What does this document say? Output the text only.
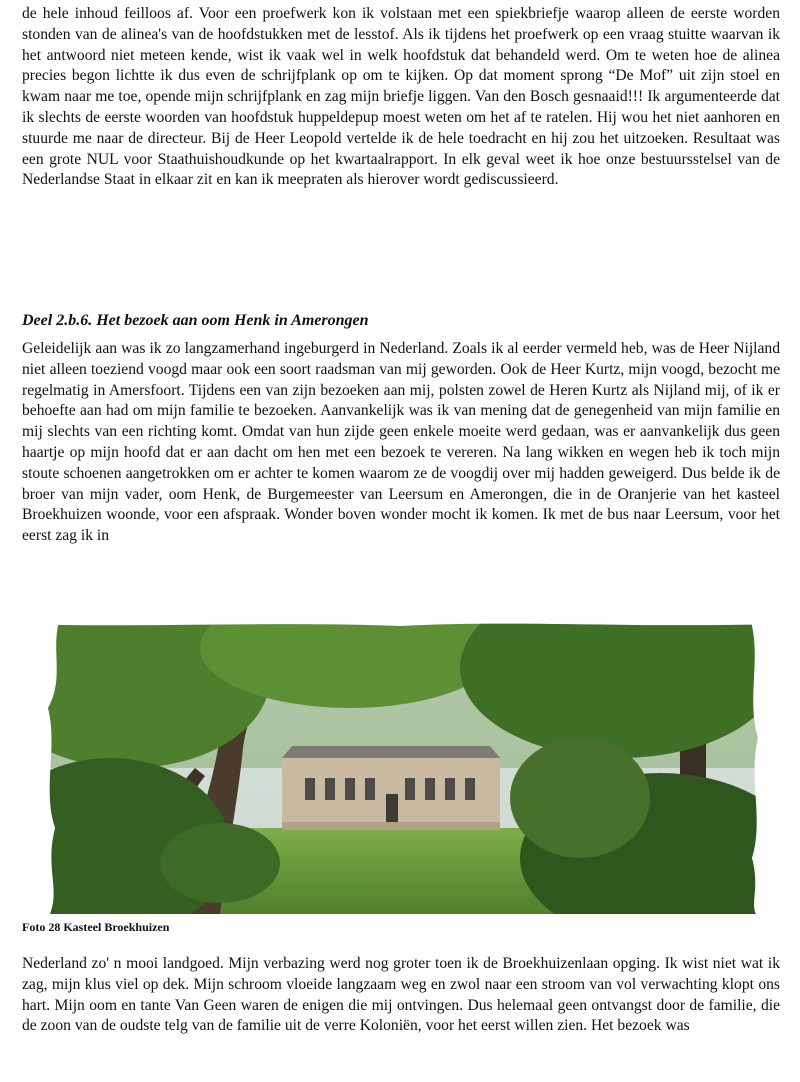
de hele inhoud feilloos af. Voor een proefwerk kon ik volstaan met een spiekbriefje waarop alleen de eerste worden stonden van de alinea's van de hoofdstukken met de lesstof. Als ik tijdens het proefwerk op een vraag stuitte waarvan ik het antwoord niet meteen kende, wist ik vaak wel in welk hoofdstuk dat behandeld werd. Om te weten hoe de alinea precies begon lichtte ik dus even de schrijfplank op om te kijken. Op dat moment sprong “De Mof” uit zijn stoel en kwam naar me toe, opende mijn schrijfplank en zag mijn briefje liggen. Van den Bosch gesnaaid!!! Ik argumenteerde dat ik slechts de eerste woorden van hoofdstuk huppeldepup moest weten om het af te ratelen. Hij wou het niet aanhoren en stuurde me naar de directeur. Bij de Heer Leopold vertelde ik de hele toedracht en hij zou het uitzoeken. Resultaat was een grote NUL voor Staathuishoudkunde op het kwartaalrapport. In elk geval weet ik hoe onze bestuursstelsel van de Nederlandse Staat in elkaar zit en kan ik meepraten als hierover wordt gediscussieerd.

Deel 2.b.6. Het bezoek aan oom Henk in Amerongen

Geleidelijk aan was ik zo langzamerhand ingeburgerd in Nederland. Zoals ik al eerder vermeld heb, was de Heer Nijland niet alleen toeziend voogd maar ook een soort raadsman van mij geworden. Ook de Heer Kurtz, mijn voogd, bezocht me regelmatig in Amersfoort. Tijdens een van zijn bezoeken aan mij, polsten zowel de Heren Kurtz als Nijland mij, of ik er behoefte aan had om mijn familie te bezoeken. Aanvankelijk was ik van mening dat de genegenheid van mijn familie en mij slechts van een richting komt. Omdat van hun zijde geen enkele moeite werd gedaan, was er aanvankelijk dus geen haartje op mijn hoofd dat er aan dacht om hen met een bezoek te vereren. Na lang wikken en wegen heb ik toch mijn stoute schoenen aangetrokken om er achter te komen waarom ze de voogdij over mij hadden geweigerd. Dus belde ik de broer van mijn vader, oom Henk, de Burgemeester van Leersum en Amerongen, die in de Oranjerie van het kasteel Broekhuizen woonde, voor een afspraak. Wonder boven wonder mocht ik komen. Ik met de bus naar Leersum, voor het eerst zag ik in

Foto 28 Kasteel Broekhuizen

Nederland zo' n mooi landgoed. Mijn verbazing werd nog groter toen ik de Broekhuizenlaan opging. Ik wist niet wat ik zag, mijn klus viel op dek. Mijn schroom vloeide langzaam weg en zwol naar een stroom van vol verwachting klopt ons hart. Mijn oom en tante Van Geen waren de enigen die mij ontvingen. Dus helemaal geen ontvangst door de familie, die de zoon van de oudste telg van de familie uit de verre Koloniën, voor het eerst willen zien. Het bezoek was
